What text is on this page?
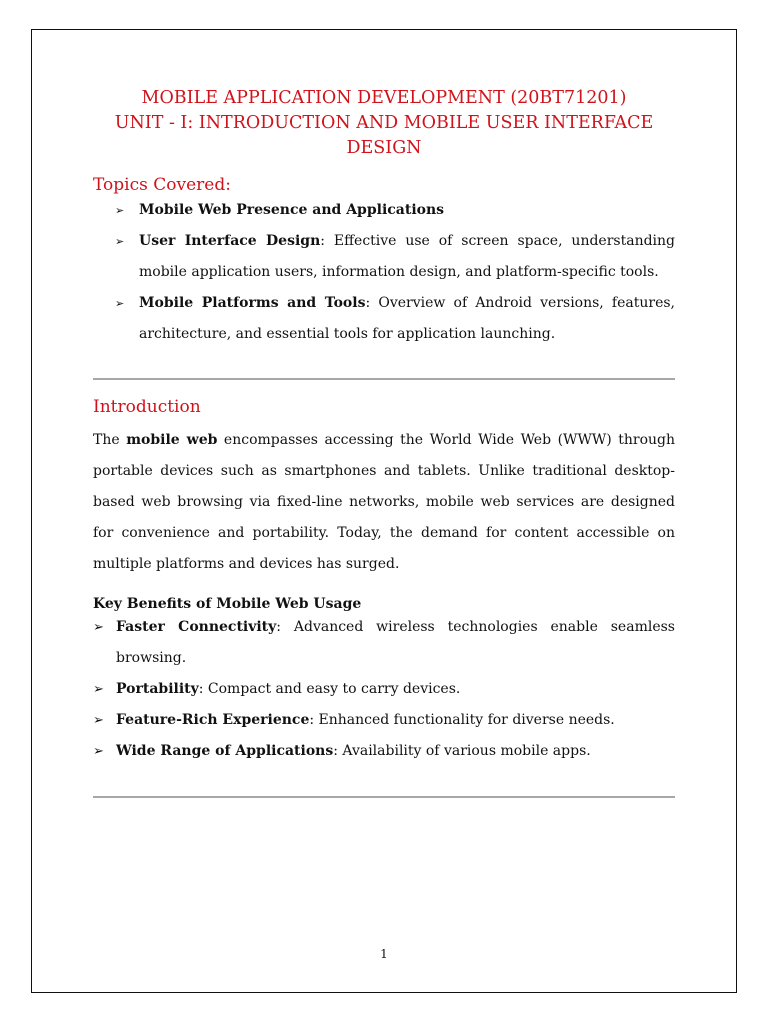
MOBILE APPLICATION DEVELOPMENT (20BT71201)
UNIT - I: INTRODUCTION AND MOBILE USER INTERFACE
DESIGN
Topics Covered:
➢ Mobile Web Presence and Applications
➢ User Interface Design: Effective use of screen space, understanding mobile application users, information design, and platform-specific tools.
➢ Mobile Platforms and Tools: Overview of Android versions, features, architecture, and essential tools for application launching.
Introduction

The mobile web encompasses accessing the World Wide Web (WWW) through portable devices such as smartphones and tablets. Unlike traditional desktop-based web browsing via fixed-line networks, mobile web services are designed for convenience and portability. Today, the demand for content accessible on multiple platforms and devices has surged.

Key Benefits of Mobile Web Usage

➢ Faster Connectivity: Advanced wireless technologies enable seamless browsing.
➢ Portability: Compact and easy to carry devices.
➢ Feature-Rich Experience: Enhanced functionality for diverse needs.
➢ Wide Range of Applications: Availability of various mobile apps.
1
